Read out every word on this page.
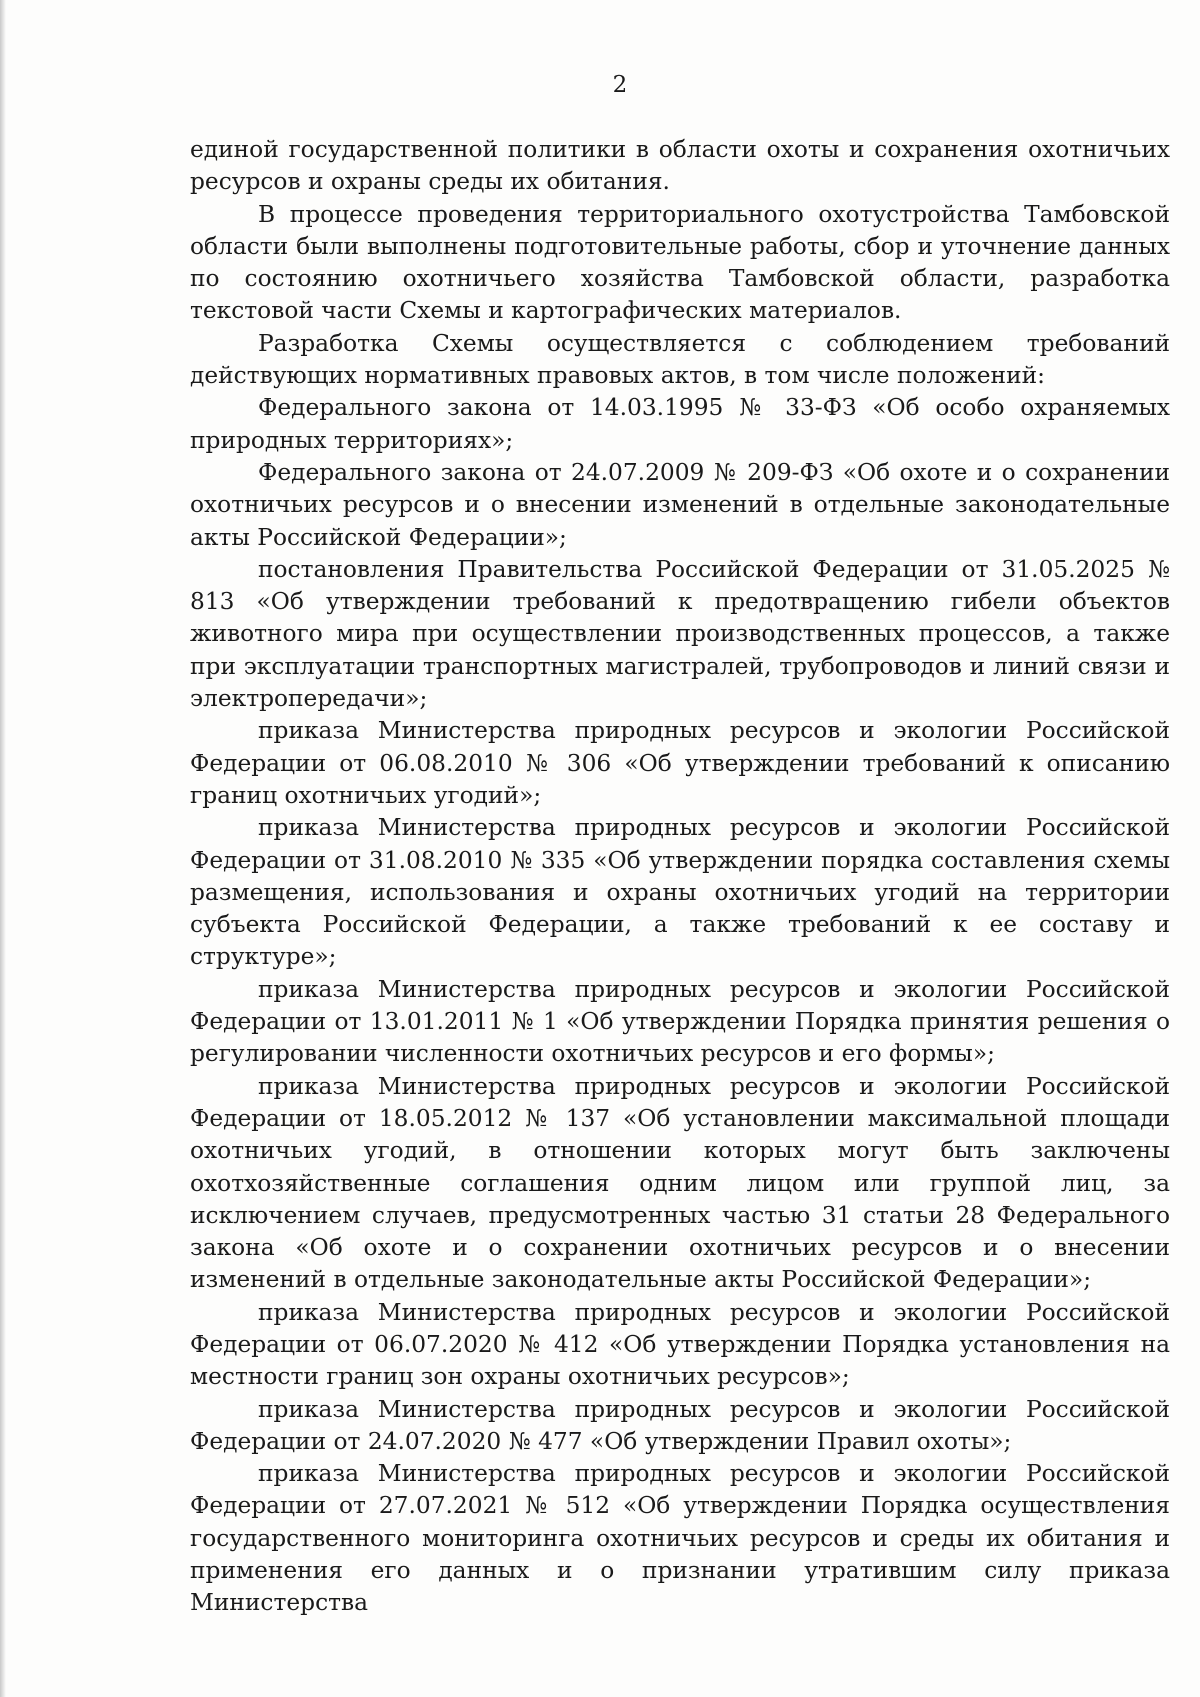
2

единой государственной политики в области охоты и сохранения охотничьих ресурсов и охраны среды их обитания.

В процессе проведения территориального охотустройства Тамбовской области были выполнены подготовительные работы, сбор и уточнение данных по состоянию охотничьего хозяйства Тамбовской области, разработка текстовой части Схемы и картографических материалов.

Разработка Схемы осуществляется с соблюдением требований действующих нормативных правовых актов, в том числе положений:

Федерального закона от 14.03.1995 № 33-ФЗ «Об особо охраняемых природных территориях»;

Федерального закона от 24.07.2009 № 209-ФЗ «Об охоте и о сохранении охотничьих ресурсов и о внесении изменений в отдельные законодательные акты Российской Федерации»;

постановления Правительства Российской Федерации от 31.05.2025 № 813 «Об утверждении требований к предотвращению гибели объектов животного мира при осуществлении производственных процессов, а также при эксплуатации транспортных магистралей, трубопроводов и линий связи и электропередачи»;

приказа Министерства природных ресурсов и экологии Российской Федерации от 06.08.2010 № 306 «Об утверждении требований к описанию границ охотничьих угодий»;

приказа Министерства природных ресурсов и экологии Российской Федерации от 31.08.2010 № 335 «Об утверждении порядка составления схемы размещения, использования и охраны охотничьих угодий на территории субъекта Российской Федерации, а также требований к ее составу и структуре»;

приказа Министерства природных ресурсов и экологии Российской Федерации от 13.01.2011 № 1 «Об утверждении Порядка принятия решения о регулировании численности охотничьих ресурсов и его формы»;

приказа Министерства природных ресурсов и экологии Российской Федерации от 18.05.2012 № 137 «Об установлении максимальной площади охотничьих угодий, в отношении которых могут быть заключены охотхозяйственные соглашения одним лицом или группой лиц, за исключением случаев, предусмотренных частью 31 статьи 28 Федерального закона «Об охоте и о сохранении охотничьих ресурсов и о внесении изменений в отдельные законодательные акты Российской Федерации»;

приказа Министерства природных ресурсов и экологии Российской Федерации от 06.07.2020 № 412 «Об утверждении Порядка установления на местности границ зон охраны охотничьих ресурсов»;

приказа Министерства природных ресурсов и экологии Российской Федерации от 24.07.2020 № 477 «Об утверждении Правил охоты»;

приказа Министерства природных ресурсов и экологии Российской Федерации от 27.07.2021 № 512 «Об утверждении Порядка осуществления государственного мониторинга охотничьих ресурсов и среды их обитания и применения его данных и о признании утратившим силу приказа Министерства
